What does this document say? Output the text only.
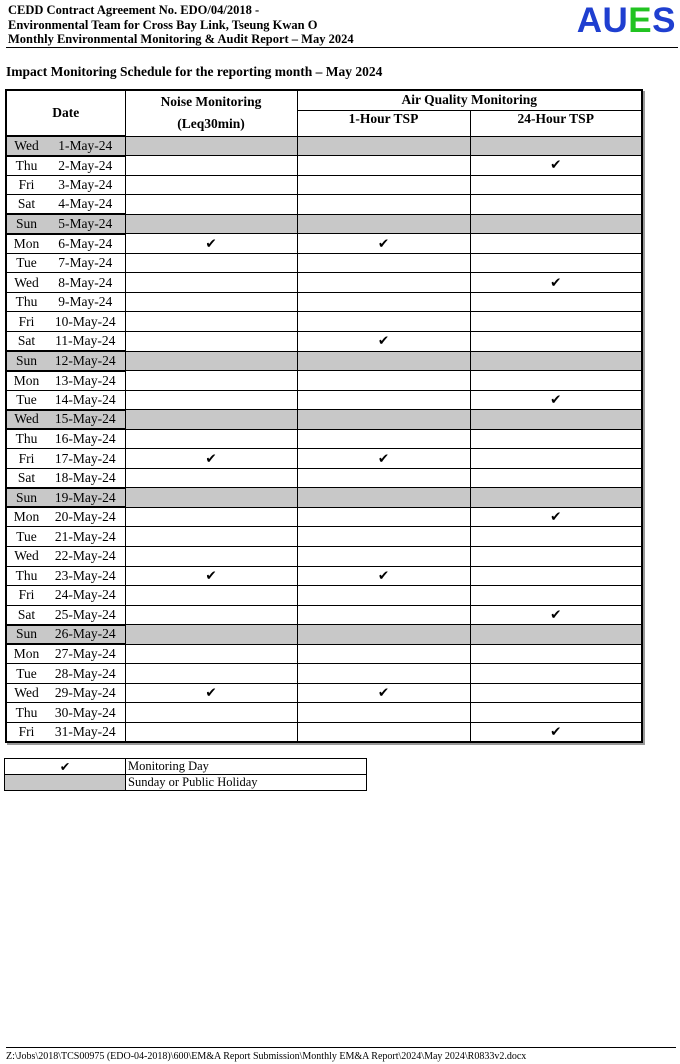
CEDD Contract Agreement No. EDO/04/2018 -
Environmental Team for Cross Bay Link, Tseung Kwan O
Monthly Environmental Monitoring & Audit Report – May 2024	AUES
Impact Monitoring Schedule for the reporting month – May 2024
Date		Noise Monitoring
(Leq30min)	Air Quality Monitoring	
			1-Hour TSP	24-Hour TSP
Wed	1-May-24			
Thu	2-May-24			✔
Fri	3-May-24			
Sat	4-May-24			
Sun	5-May-24			
Mon	6-May-24	✔	✔	
Tue	7-May-24			
Wed	8-May-24			✔
Thu	9-May-24			
Fri	10-May-24			
Sat	11-May-24		✔	
Sun	12-May-24			
Mon	13-May-24			
Tue	14-May-24			✔
Wed	15-May-24			
Thu	16-May-24			
Fri	17-May-24	✔	✔	
Sat	18-May-24			
Sun	19-May-24			
Mon	20-May-24			✔
Tue	21-May-24			
Wed	22-May-24			
Thu	23-May-24	✔	✔	
Fri	24-May-24			
Sat	25-May-24			✔
Sun	26-May-24			
Mon	27-May-24			
Tue	28-May-24			
Wed	29-May-24	✔	✔	
Thu	30-May-24			
Fri	31-May-24			✔
✔	Monitoring Day
	Sunday or Public Holiday
Z:\Jobs\2018\TCS00975 (EDO-04-2018)\600\EM&A Report Submission\Monthly EM&A Report\2024\May 2024\R0833v2.docx
